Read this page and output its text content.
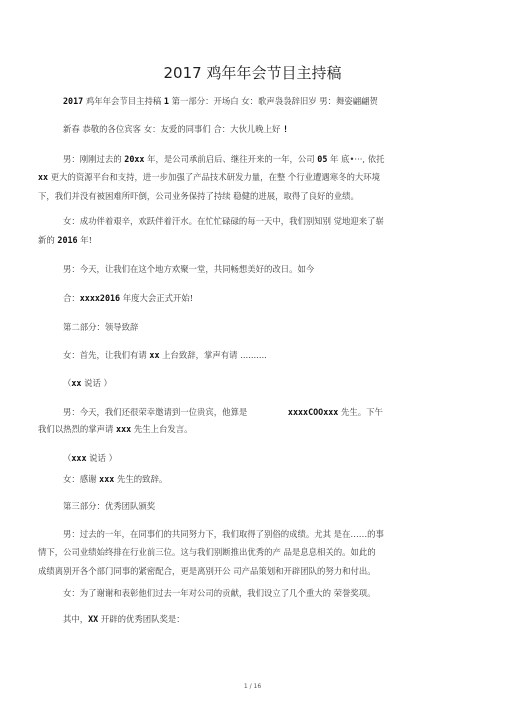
2017 鸡年年会节目主持稿
2017 鸡年年会节目主持稿 1 第一部分：开场白 女：歌声袅袅辞旧岁 男：舞姿翩翩贺
新春 恭敬的各位宾客 女：友爱的同事们 合：大伙儿晚上好 !
男：刚刚过去的 20xx 年，是公司承前启后、继往开来的一年，公司 05 年 底•···, 依托
xx 更大的资源平台和支持，进一步加强了产品技术研发力量，在整 个行业遭遇寒冬的大环境
下，我们并没有被困难所吓倒，公司业务保持了持续 稳健的进展，取得了良好的业绩。
女：成功伴着艰辛，欢跃伴着汗水。在忙忙碌碌的每一天中，我们别知别 觉地迎来了崭
新的 2016 年!
男：今天，让我们在这个地方欢聚一堂，共同畅想美好的改日。如今
合：xxxx2016 年度大会正式开始!
第二部分：领导致辞
女：首先，让我们有请 xx 上台致辞，掌声有请 ..........
（xx 说话 ）
男：今天，我们还很荣幸邀请到一位贵宾，他算是	xxxxCOOxxx 先生。下午
我们以热烈的掌声请 xxx 先生上台发言。
（xxx 说话 ）
女：感谢 xxx 先生的致辞。
第三部分：优秀团队颁奖
男：过去的一年，在同事们的共同努力下，我们取得了别俗的成绩。尤其 是在……的事
情下，公司业绩始终排在行业前三位。这与我们别断推出优秀的产 品是息息相关的。如此的
成绩离别开各个部门同事的紧密配合，更是离别开公 司产品策划和开辟团队的努力和付出。
女：为了谢谢和表彰他们过去一年对公司的贡献，我们设立了几个重大的 荣誉奖项。
其中，XX 开辟的优秀团队奖是：
1 / 16
